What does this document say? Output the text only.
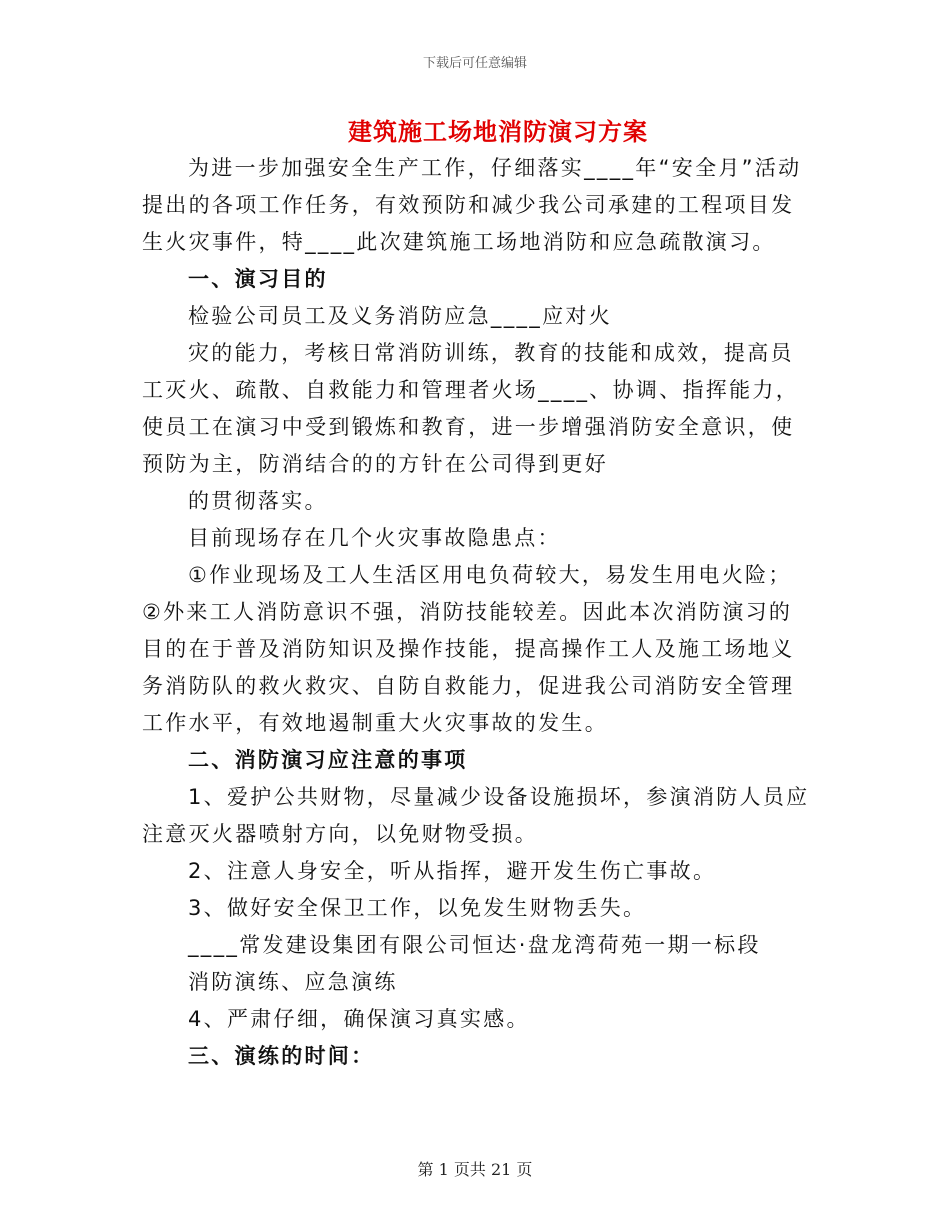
下载后可任意编辑
建筑施工场地消防演习方案

为进一步加强安全生产工作，仔细落实____年“安全月”活动提出的各项工作任务，有效预防和减少我公司承建的工程项目发生火灾事件，特____此次建筑施工场地消防和应急疏散演习。

一、演习目的

检验公司员工及义务消防应急____应对火

灾的能力，考核日常消防训练，教育的技能和成效，提高员工灭火、疏散、自救能力和管理者火场____、协调、指挥能力，使员工在演习中受到锻炼和教育，进一步增强消防安全意识，使预防为主，防消结合的的方针在公司得到更好

的贯彻落实。

目前现场存在几个火灾事故隐患点：

①作业现场及工人生活区用电负荷较大，易发生用电火险；②外来工人消防意识不强，消防技能较差。因此本次消防演习的目的在于普及消防知识及操作技能，提高操作工人及施工场地义务消防队的救火救灾、自防自救能力，促进我公司消防安全管理工作水平，有效地遏制重大火灾事故的发生。

二、消防演习应注意的事项

1、爱护公共财物，尽量减少设备设施损坏，参演消防人员应注意灭火器喷射方向，以免财物受损。

2、注意人身安全，听从指挥，避开发生伤亡事故。

3、做好安全保卫工作，以免发生财物丢失。

____常发建设集团有限公司恒达·盘龙湾荷苑一期一标段

消防演练、应急演练

4、严肃仔细，确保演习真实感。

三、演练的时间：

第 1 页共 21 页
